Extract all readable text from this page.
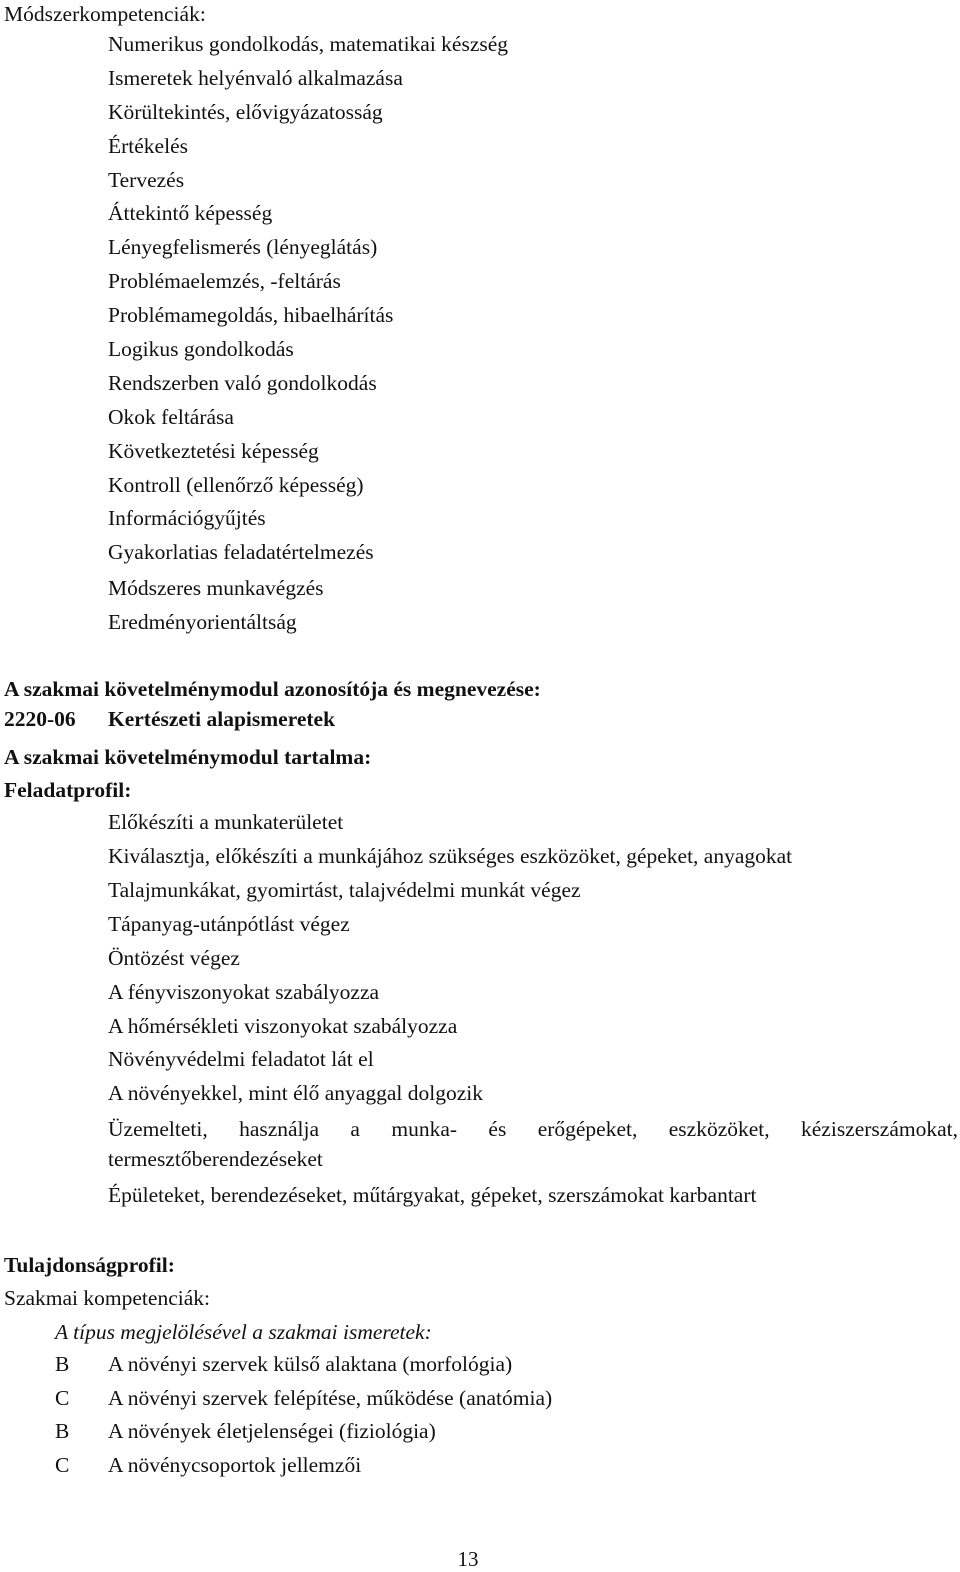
Módszerkompetenciák:
Numerikus gondolkodás, matematikai készség
Ismeretek helyénvaló alkalmazása
Körültekintés, elővigyázatosság
Értékelés
Tervezés
Áttekintő képesség
Lényegfelismerés (lényeglátás)
Problémaelemzés, -feltárás
Problémamegoldás, hibaelhárítás
Logikus gondolkodás
Rendszerben való gondolkodás
Okok feltárása
Következtetési képesség
Kontroll (ellenőrző képesség)
Információgyűjtés
Gyakorlatias feladatértelmezés
Módszeres munkavégzés
Eredményorientáltság
A szakmai követelménymodul azonosítója és megnevezése:
2220-06 Kertészeti alapismeretek
A szakmai követelménymodul tartalma:
Feladatprofil:
Előkészíti a munkaterületet
Kiválasztja, előkészíti a munkájához szükséges eszközöket, gépeket, anyagokat
Talajmunkákat, gyomirtást, talajvédelmi munkát végez
Tápanyag-utánpótlást végez
Öntözést végez
A fényviszonyokat szabályozza
A hőmérsékleti viszonyokat szabályozza
Növényvédelmi feladatot lát el
A növényekkel, mint élő anyaggal dolgozik
Üzemelteti, használja a munka- és erőgépeket, eszközöket, kéziszerszámokat,
termesztőberendezéseket
Épületeket, berendezéseket, műtárgyakat, gépeket, szerszámokat karbantart
Tulajdonságprofil:
Szakmai kompetenciák:
A típus megjelölésével a szakmai ismeretek:
B A növényi szervek külső alaktana (morfológia)
C A növényi szervek felépítése, működése (anatómia)
B A növények életjelenségei (fiziológia)
C A növénycsoportok jellemzői
13
